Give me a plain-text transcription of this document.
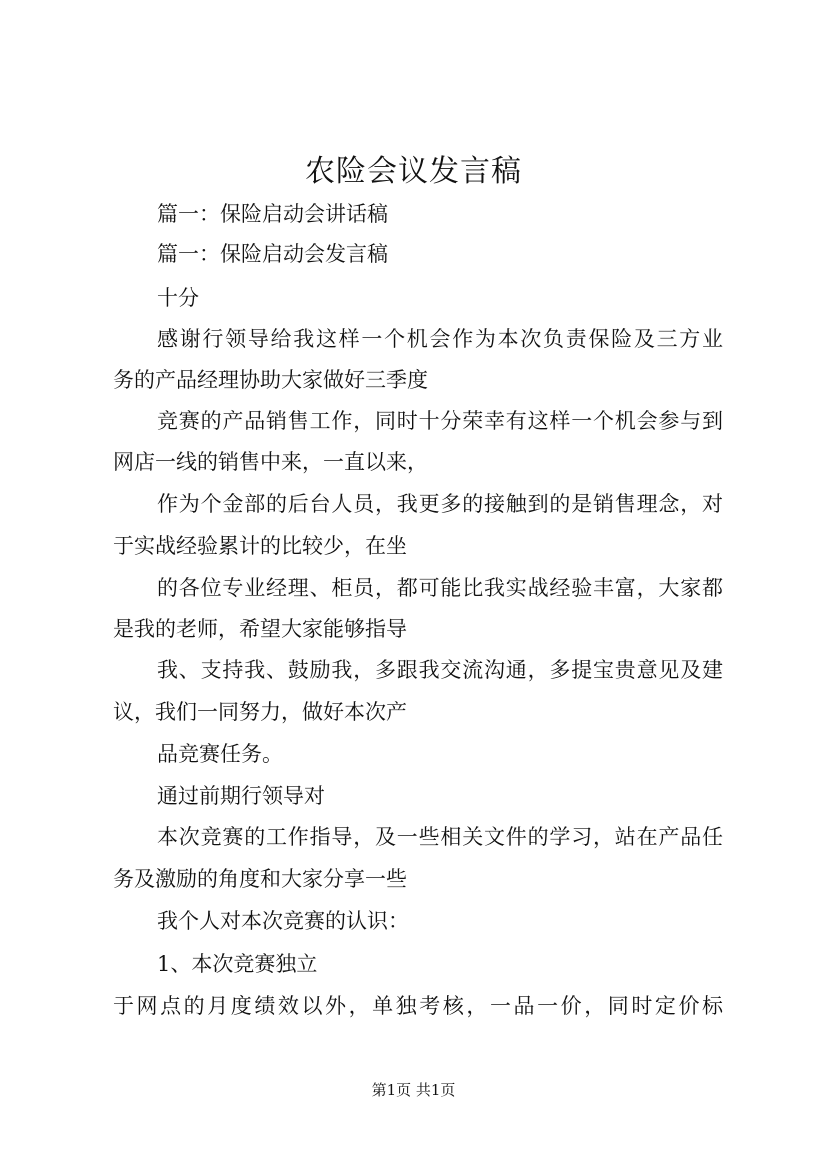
农险会议发言稿
篇一：保险启动会讲话稿
篇一：保险启动会发言稿
十分
感谢行领导给我这样一个机会作为本次负责保险及三方业
务的产品经理协助大家做好三季度
竞赛的产品销售工作，同时十分荣幸有这样一个机会参与到
网店一线的销售中来，一直以来，
作为个金部的后台人员，我更多的接触到的是销售理念，对
于实战经验累计的比较少，在坐
的各位专业经理、柜员，都可能比我实战经验丰富，大家都
是我的老师，希望大家能够指导
我、支持我、鼓励我，多跟我交流沟通，多提宝贵意见及建
议，我们一同努力，做好本次产
品竞赛任务。
通过前期行领导对
本次竞赛的工作指导，及一些相关文件的学习，站在产品任
务及激励的角度和大家分享一些
我个人对本次竞赛的认识：
1、本次竞赛独立
于网点的月度绩效以外，单独考核，一品一价，同时定价标
第1页 共1页
